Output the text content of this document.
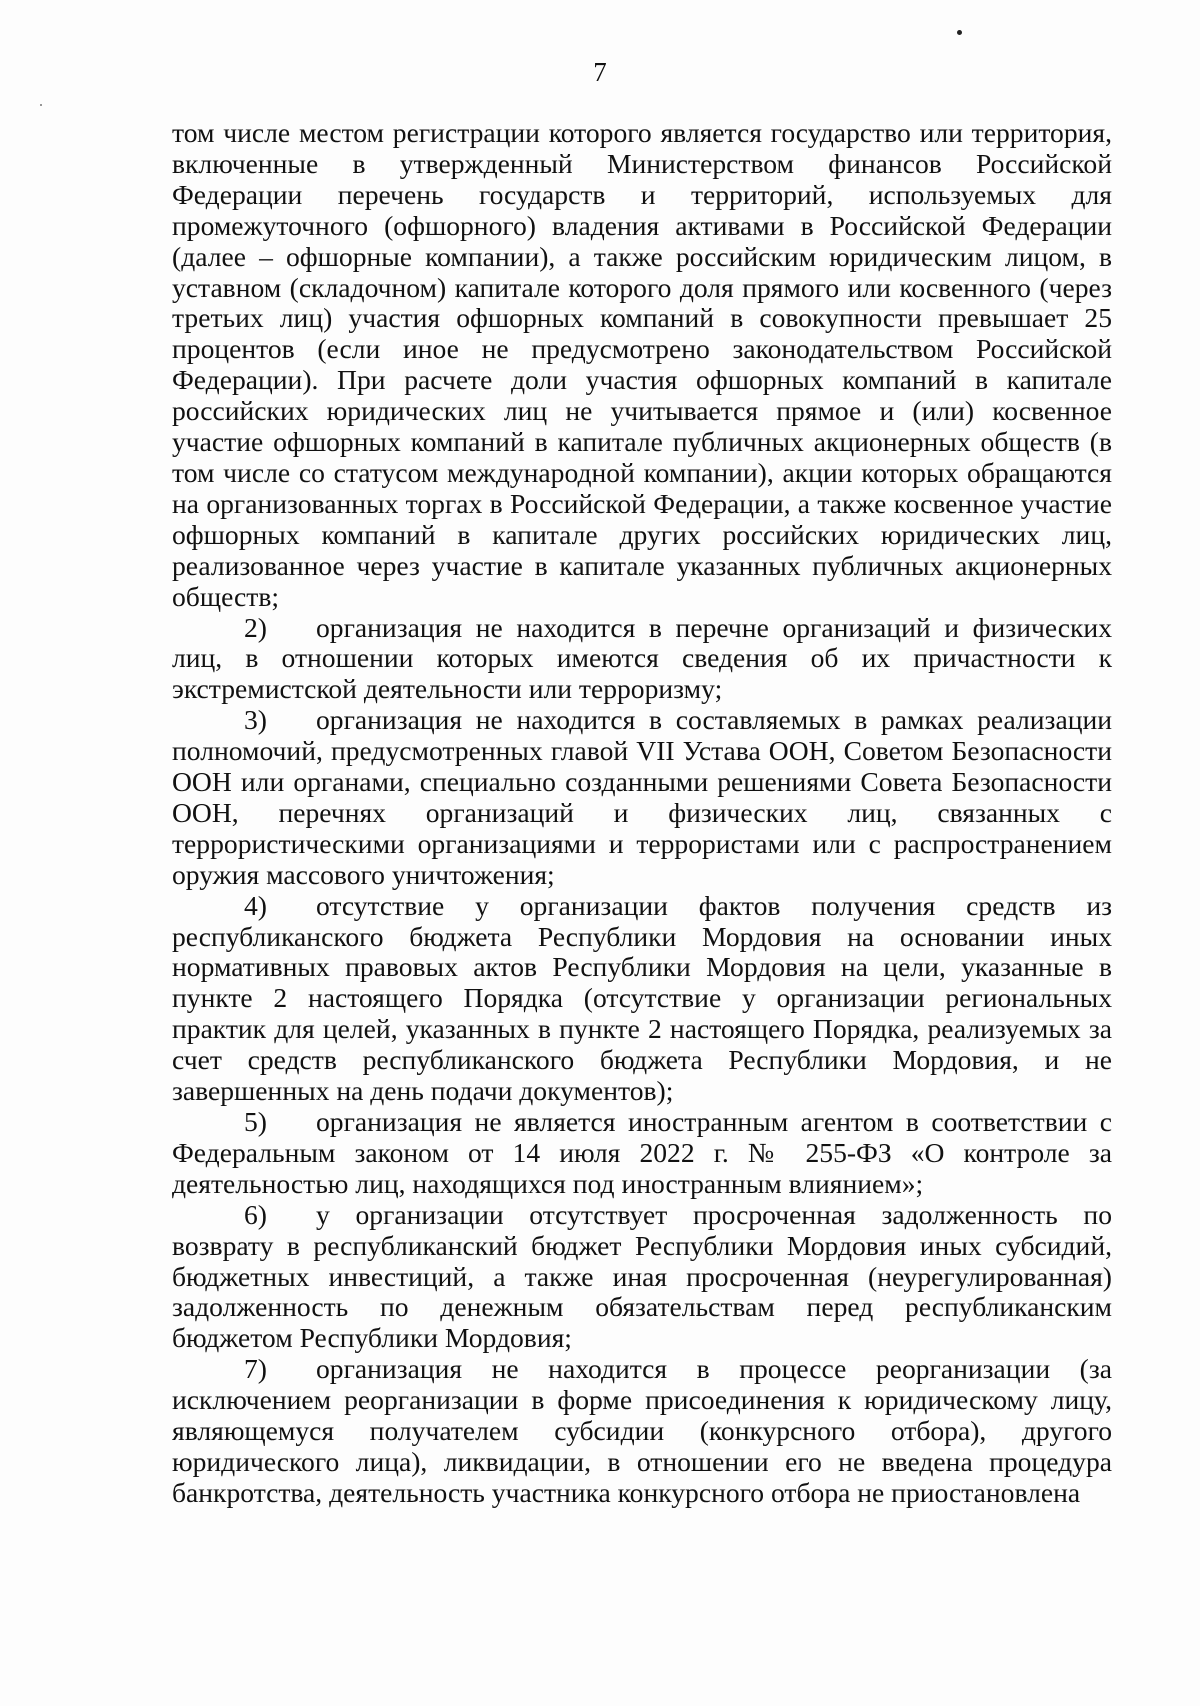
7

том числе местом регистрации которого является государство или территория, включенные в утвержденный Министерством финансов Российской Федерации перечень государств и территорий, используемых для промежуточного (офшорного) владения активами в Российской Федерации (далее – офшорные компании), а также российским юридическим лицом, в уставном (складочном) капитале которого доля прямого или косвенного (через третьих лиц) участия офшорных компаний в совокупности превышает 25 процентов (если иное не предусмотрено законодательством Российской Федерации). При расчете доли участия офшорных компаний в капитале российских юридических лиц не учитывается прямое и (или) косвенное участие офшорных компаний в капитале публичных акционерных обществ (в том числе со статусом международной компании), акции которых обращаются на организованных торгах в Российской Федерации, а также косвенное участие офшорных компаний в капитале других российских юридических лиц, реализованное через участие в капитале указанных публичных акционерных обществ;

2) организация не находится в перечне организаций и физических лиц, в отношении которых имеются сведения об их причастности к экстремистской деятельности или терроризму;

3) организация не находится в составляемых в рамках реализации полномочий, предусмотренных главой VII Устава ООН, Советом Безопасности ООН или органами, специально созданными решениями Совета Безопасности ООН, перечнях организаций и физических лиц, связанных с террористическими организациями и террористами или с распространением оружия массового уничтожения;

4) отсутствие у организации фактов получения средств из республиканского бюджета Республики Мордовия на основании иных нормативных правовых актов Республики Мордовия на цели, указанные в пункте 2 настоящего Порядка (отсутствие у организации региональных практик для целей, указанных в пункте 2 настоящего Порядка, реализуемых за счет средств республиканского бюджета Республики Мордовия, и не завершенных на день подачи документов);

5) организация не является иностранным агентом в соответствии с Федеральным законом от 14 июля 2022 г. № 255-ФЗ «О контроле за деятельностью лиц, находящихся под иностранным влиянием»;

6) у организации отсутствует просроченная задолженность по возврату в республиканский бюджет Республики Мордовия иных субсидий, бюджетных инвестиций, а также иная просроченная (неурегулированная) задолженность по денежным обязательствам перед республиканским бюджетом Республики Мордовия;

7) организация не находится в процессе реорганизации (за исключением реорганизации в форме присоединения к юридическому лицу, являющемуся получателем субсидии (конкурсного отбора), другого юридического лица), ликвидации, в отношении его не введена процедура банкротства, деятельность участника конкурсного отбора не приостановлена
